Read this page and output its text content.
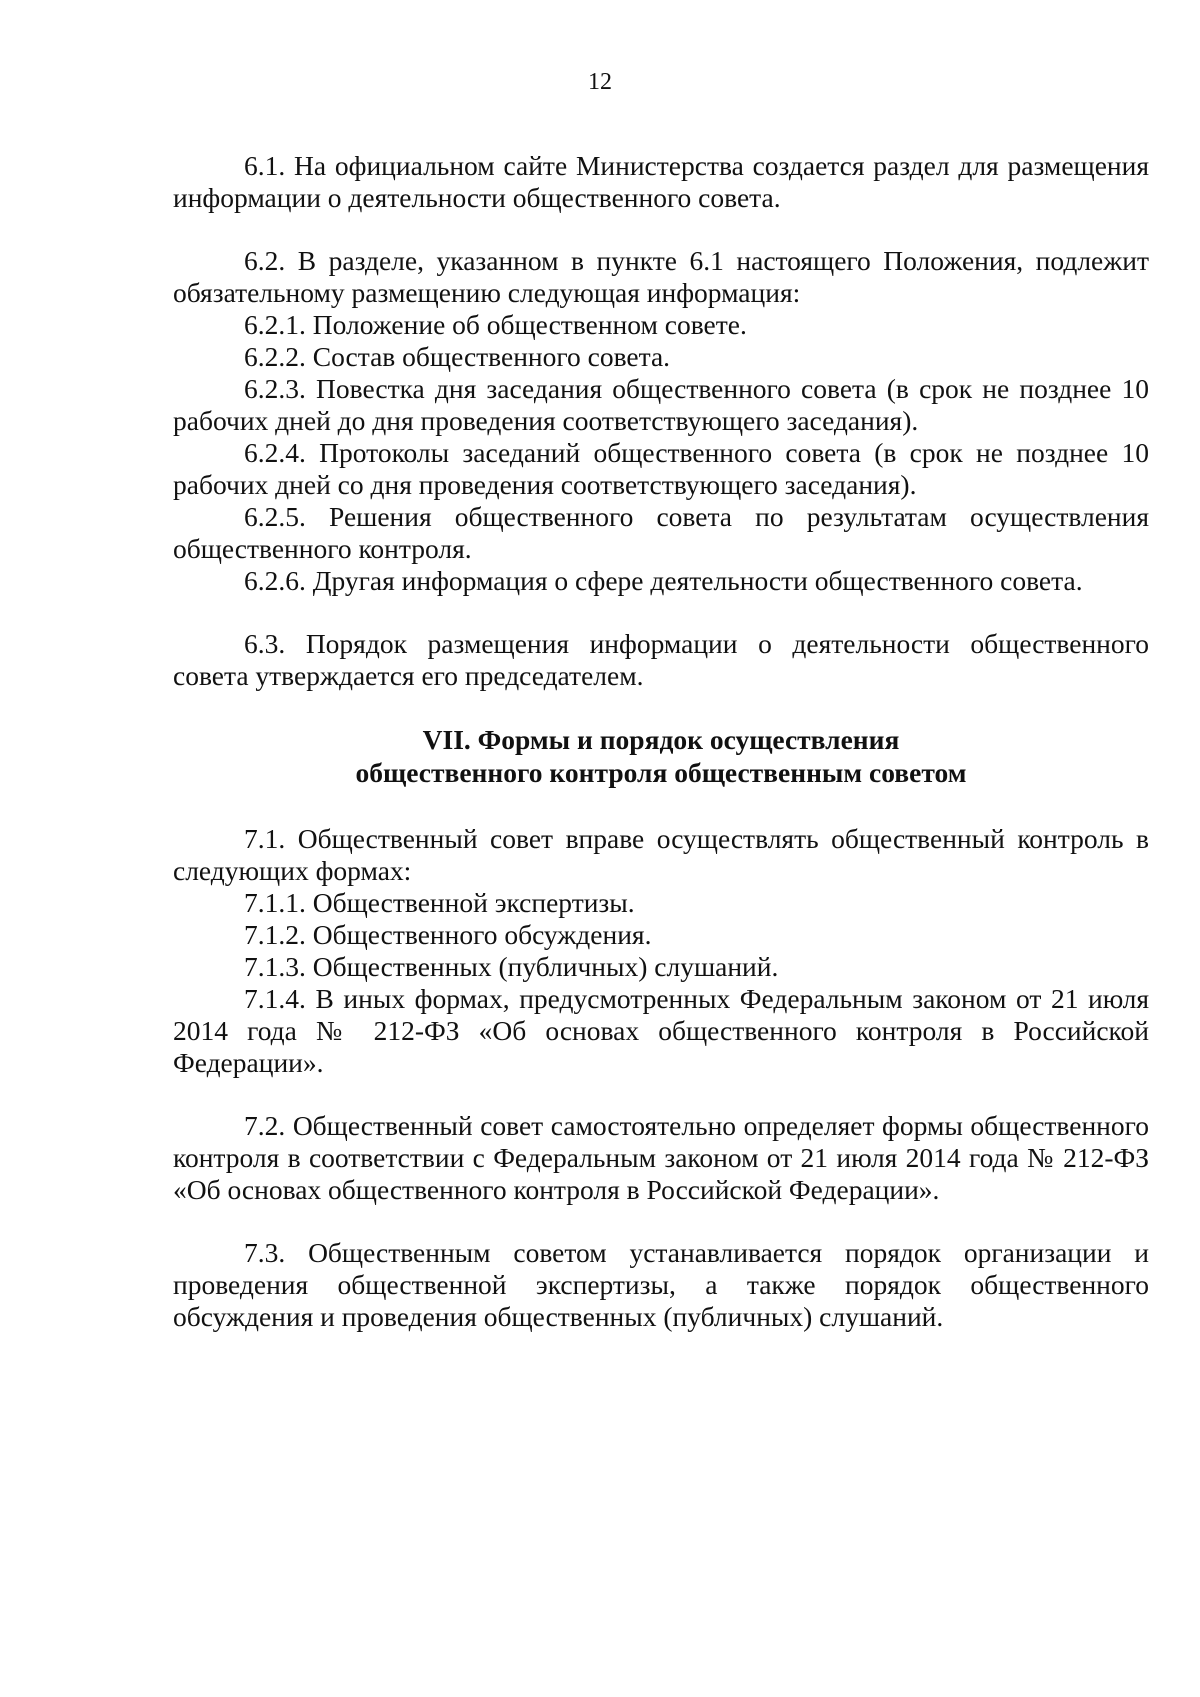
12

6.1. На официальном сайте Министерства создается раздел для размещения информации о деятельности общественного совета.

6.2. В разделе, указанном в пункте 6.1 настоящего Положения, подлежит обязательному размещению следующая информация:

6.2.1. Положение об общественном совете.

6.2.2. Состав общественного совета.

6.2.3. Повестка дня заседания общественного совета (в срок не позднее 10 рабочих дней до дня проведения соответствующего заседания).

6.2.4. Протоколы заседаний общественного совета (в срок не позднее 10 рабочих дней со дня проведения соответствующего заседания).

6.2.5. Решения общественного совета по результатам осуществления общественного контроля.

6.2.6. Другая информация о сфере деятельности общественного совета.

6.3. Порядок размещения информации о деятельности общественного совета утверждается его председателем.

VII. Формы и порядок осуществления
общественного контроля общественным советом

7.1. Общественный совет вправе осуществлять общественный контроль в следующих формах:

7.1.1. Общественной экспертизы.

7.1.2. Общественного обсуждения.

7.1.3. Общественных (публичных) слушаний.

7.1.4. В иных формах, предусмотренных Федеральным законом от 21 июля 2014 года № 212-ФЗ «Об основах общественного контроля в Российской Федерации».

7.2. Общественный совет самостоятельно определяет формы общественного контроля в соответствии с Федеральным законом от 21 июля 2014 года № 212-ФЗ «Об основах общественного контроля в Российской Федерации».

7.3. Общественным советом устанавливается порядок организации и проведения общественной экспертизы, а также порядок общественного обсуждения и проведения общественных (публичных) слушаний.
